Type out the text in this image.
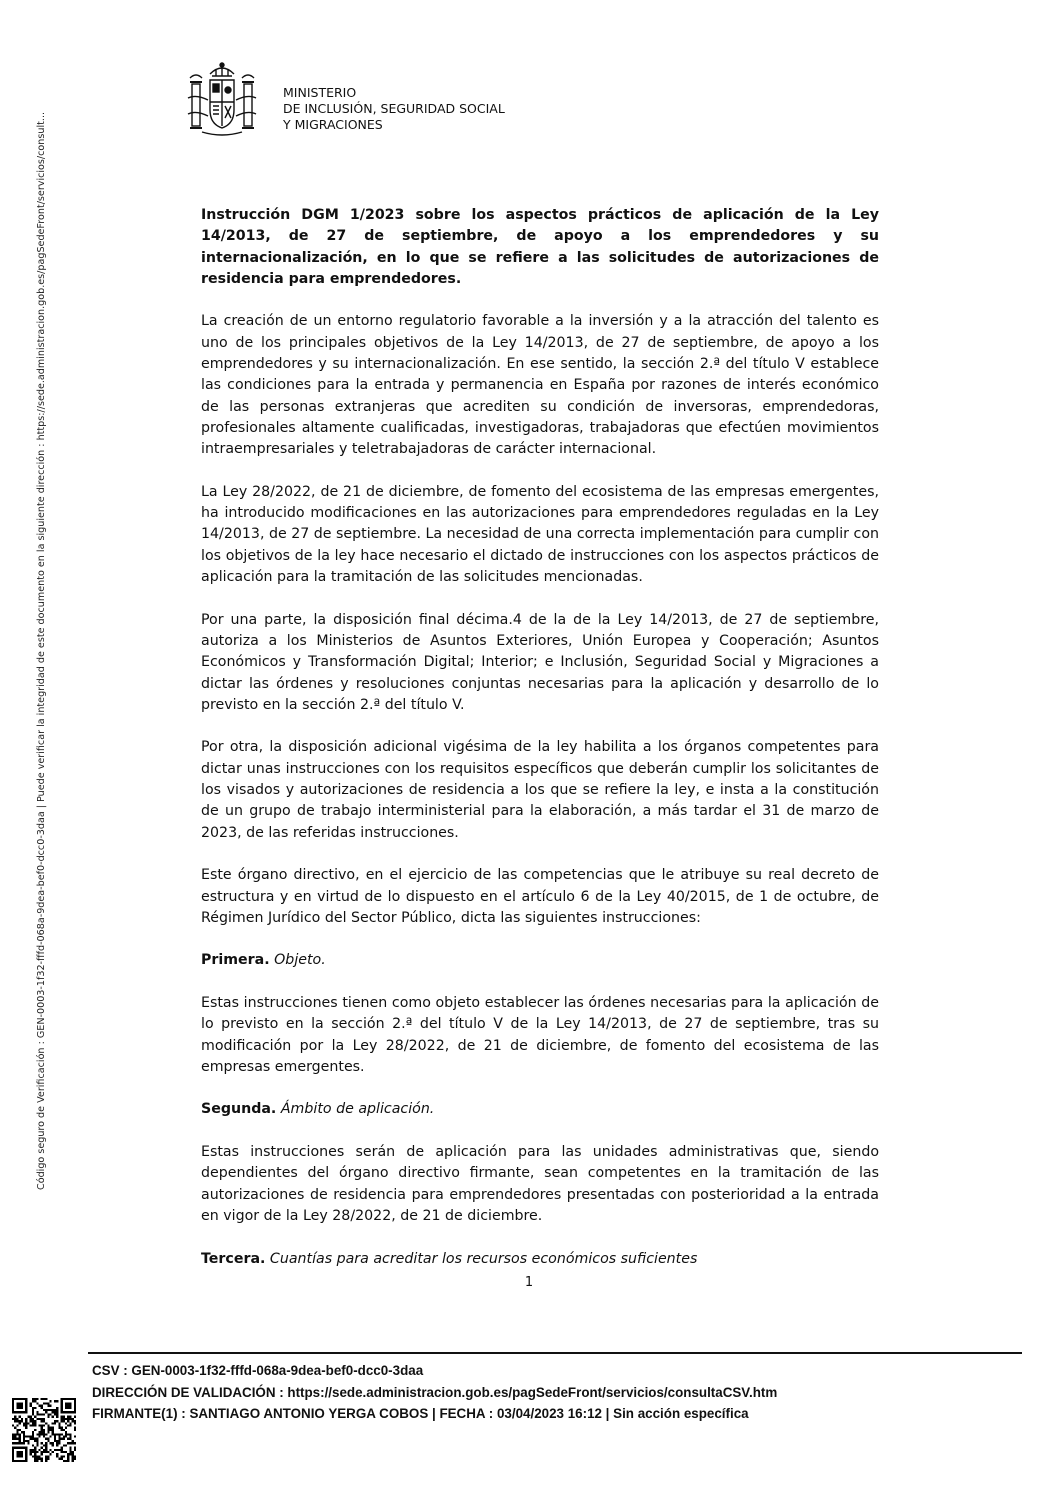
Código seguro de Verificación : GEN-0003-1f32-fffd-068a-9dea-bef0-dcc0-3daa | Puede verificar la integridad de este documento en la siguiente dirección : https://sede.administracion.gob.es/pagSedeFront/servicios/consult...
MINISTERIO
DE INCLUSIÓN, SEGURIDAD SOCIAL
Y MIGRACIONES

Instrucción DGM 1/2023 sobre los aspectos prácticos de aplicación de la Ley 14/2013, de 27 de septiembre, de apoyo a los emprendedores y su internacionalización, en lo que se refiere a las solicitudes de autorizaciones de residencia para emprendedores.

La creación de un entorno regulatorio favorable a la inversión y a la atracción del talento es uno de los principales objetivos de la Ley 14/2013, de 27 de septiembre, de apoyo a los emprendedores y su internacionalización. En ese sentido, la sección 2.ª del título V establece las condiciones para la entrada y permanencia en España por razones de interés económico de las personas extranjeras que acrediten su condición de inversoras, emprendedoras, profesionales altamente cualificadas, investigadoras, trabajadoras que efectúen movimientos intraempresariales y teletrabajadoras de carácter internacional.

La Ley 28/2022, de 21 de diciembre, de fomento del ecosistema de las empresas emergentes, ha introducido modificaciones en las autorizaciones para emprendedores reguladas en la Ley 14/2013, de 27 de septiembre. La necesidad de una correcta implementación para cumplir con los objetivos de la ley hace necesario el dictado de instrucciones con los aspectos prácticos de aplicación para la tramitación de las solicitudes mencionadas.

Por una parte, la disposición final décima.4 de la de la Ley 14/2013, de 27 de septiembre, autoriza a los Ministerios de Asuntos Exteriores, Unión Europea y Cooperación; Asuntos Económicos y Transformación Digital; Interior; e Inclusión, Seguridad Social y Migraciones a dictar las órdenes y resoluciones conjuntas necesarias para la aplicación y desarrollo de lo previsto en la sección 2.ª del título V.

Por otra, la disposición adicional vigésima de la ley habilita a los órganos competentes para dictar unas instrucciones con los requisitos específicos que deberán cumplir los solicitantes de los visados y autorizaciones de residencia a los que se refiere la ley, e insta a la constitución de un grupo de trabajo interministerial para la elaboración, a más tardar el 31 de marzo de 2023, de las referidas instrucciones.

Este órgano directivo, en el ejercicio de las competencias que le atribuye su real decreto de estructura y en virtud de lo dispuesto en el artículo 6 de la Ley 40/2015, de 1 de octubre, de Régimen Jurídico del Sector Público, dicta las siguientes instrucciones:

Primera. Objeto.

Estas instrucciones tienen como objeto establecer las órdenes necesarias para la aplicación de lo previsto en la sección 2.ª del título V de la Ley 14/2013, de 27 de septiembre, tras su modificación por la Ley 28/2022, de 21 de diciembre, de fomento del ecosistema de las empresas emergentes.

Segunda. Ámbito de aplicación.

Estas instrucciones serán de aplicación para las unidades administrativas que, siendo dependientes del órgano directivo firmante, sean competentes en la tramitación de las autorizaciones de residencia para emprendedores presentadas con posterioridad a la entrada en vigor de la Ley 28/2022, de 21 de diciembre.

Tercera. Cuantías para acreditar los recursos económicos suficientes

1
CSV : GEN-0003-1f32-fffd-068a-9dea-bef0-dcc0-3daa
DIRECCIÓN DE VALIDACIÓN : https://sede.administracion.gob.es/pagSedeFront/servicios/consultaCSV.htm
FIRMANTE(1) : SANTIAGO ANTONIO YERGA COBOS | FECHA : 03/04/2023 16:12 | Sin acción específica
